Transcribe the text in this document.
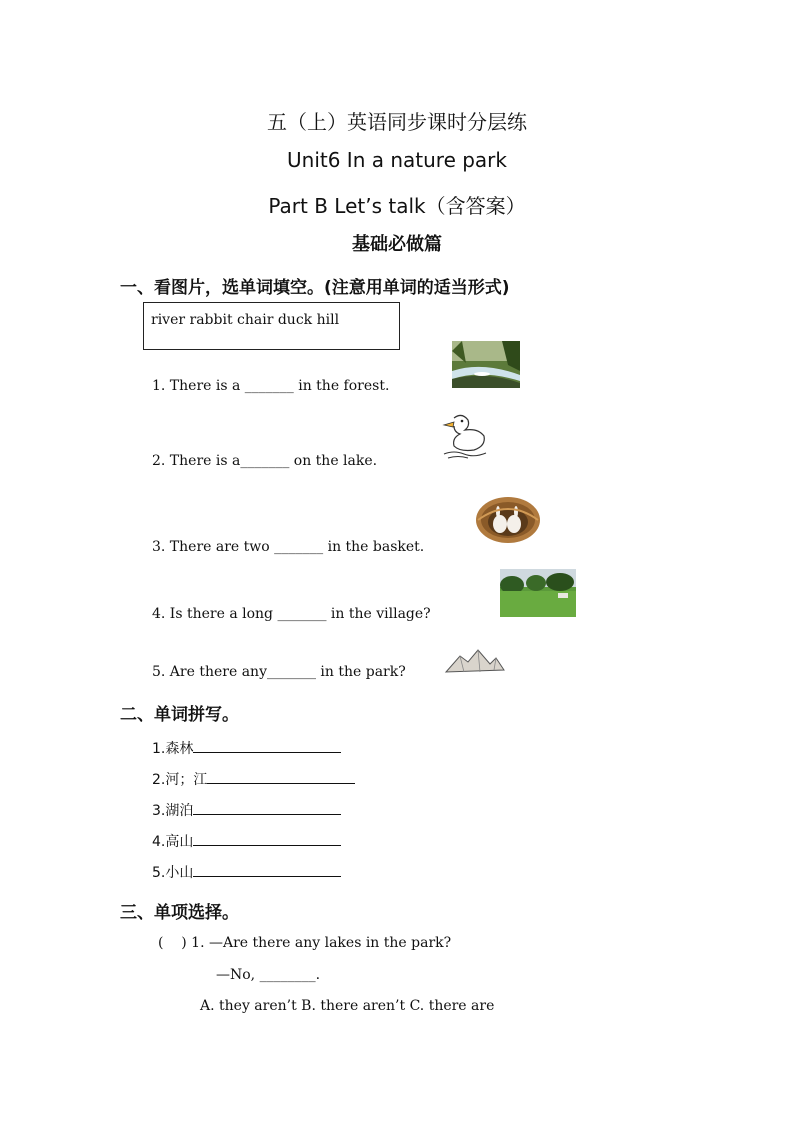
五（上）英语同步课时分层练
Unit6 In a nature park
Part B Let’s talk（含答案）
基础必做篇
一、看图片，选单词填空。(注意用单词的适当形式)
river rabbit chair duck hill
1. There is a _______ in the forest.
2. There is a_______ on the lake.
3. There are two _______ in the basket.
4. Is there a long _______ in the village?
5. Are there any_______ in the park?
二、单词拼写。
1.森林
2.河；江
3.湖泊
4.高山
5.小山
三、单项选择。
(    ) 1. —Are there any lakes in the park?
—No, ________.
A. they aren’t B. there aren’t C. there are
